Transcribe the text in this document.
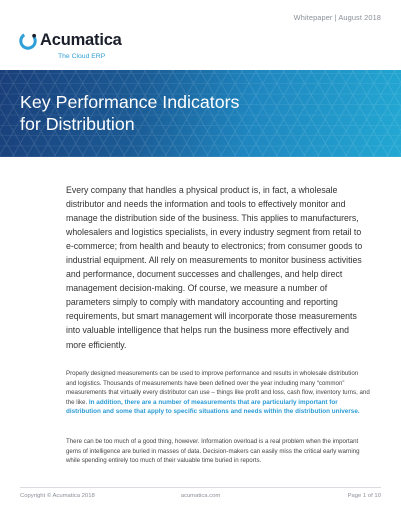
Whitepaper | August 2018
Acumatica
The Cloud ERP
Key Performance Indicators
for Distribution

Every company that handles a physical product is, in fact, a wholesale distributor and needs the information and tools to effectively monitor and manage the distribution side of the business. This applies to manufacturers, wholesalers and logistics specialists, in every industry segment from retail to e-commerce; from health and beauty to electronics; from consumer goods to industrial equipment. All rely on measurements to monitor business activities and performance, document successes and challenges, and help direct management decision-making. Of course, we measure a number of parameters simply to comply with mandatory accounting and reporting requirements, but smart management will incorporate those measurements into valuable intelligence that helps run the business more effectively and more efficiently.

Properly designed measurements can be used to improve performance and results in wholesale distribution and logistics. Thousands of measurements have been defined over the year including many “common” measurements that virtually every distributor can use – things like profit and loss, cash flow, inventory turns, and the like. In addition, there are a number of measurements that are particularly important for distribution and some that apply to specific situations and needs within the distribution universe.

There can be too much of a good thing, however. Information overload is a real problem when the important gems of intelligence are buried in masses of data. Decision-makers can easily miss the critical early warning while spending entirely too much of their valuable time buried in reports.

Copyright © Acumatica 2018	acumatica.com	Page 1 of 10
